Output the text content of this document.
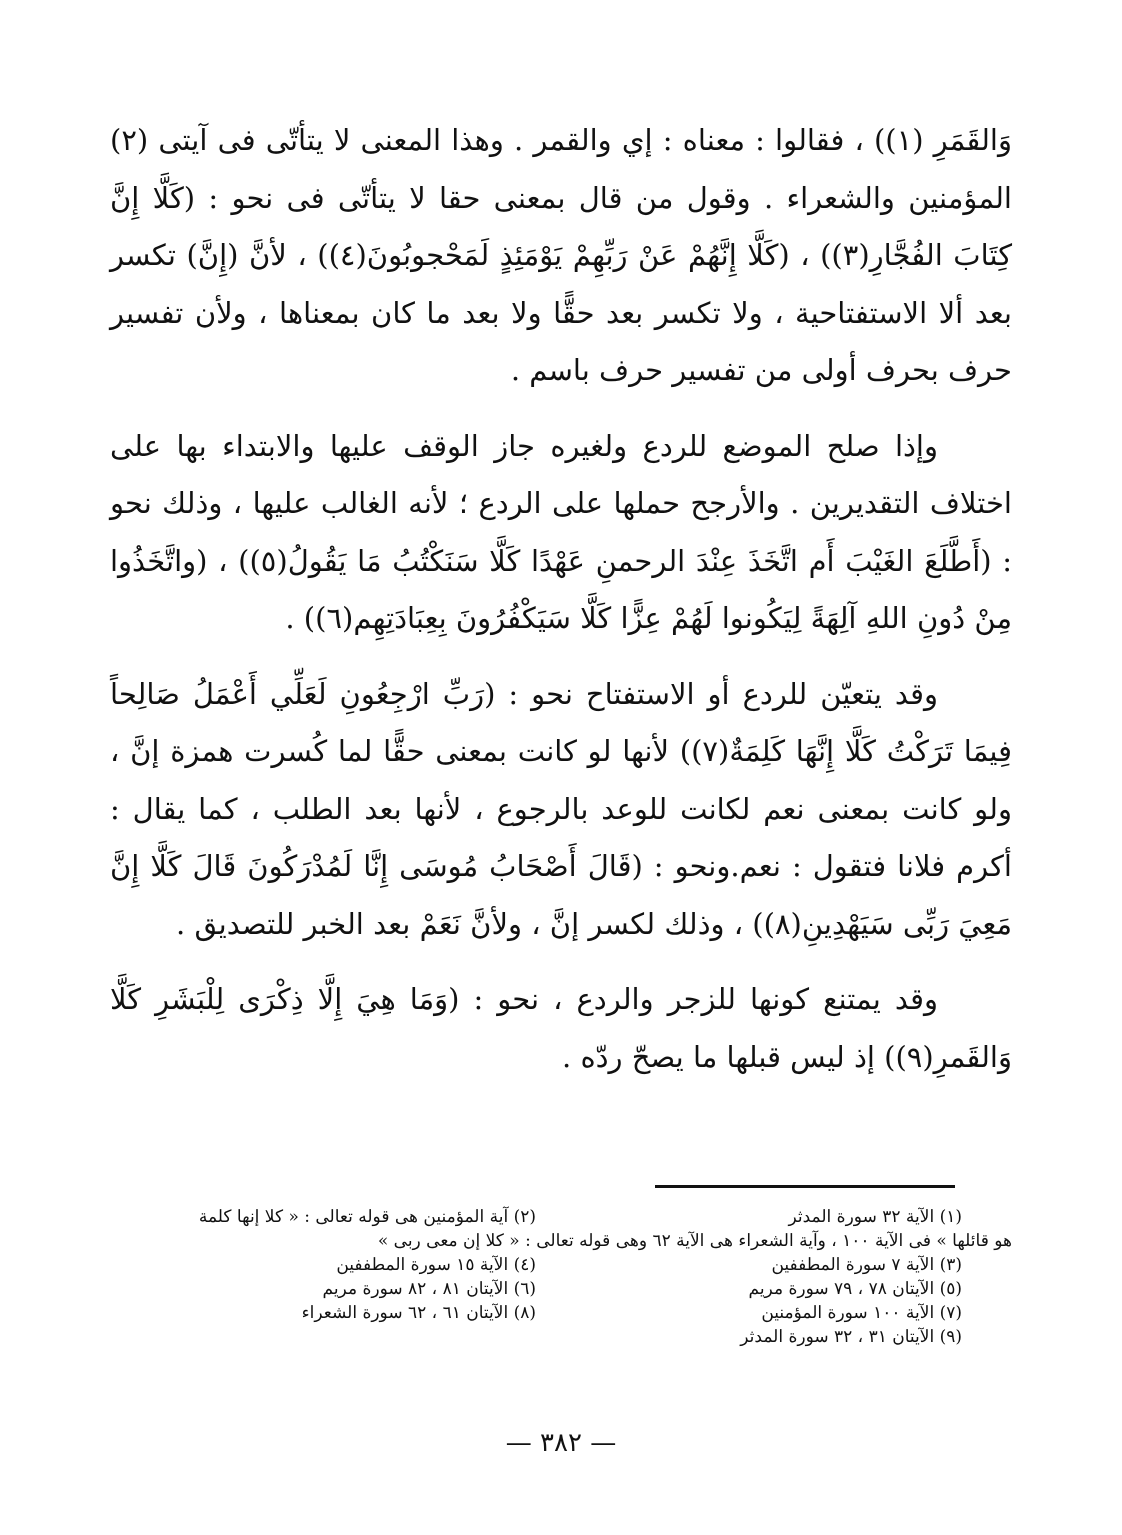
وَالقَمَرِ (١)) ، فقالوا : معناه : إي والقمر . وهذا المعنى لا يتأتّى فى آيتى (٢) المؤمنين والشعراء . وقول من قال بمعنى حقا لا يتأتّى فى نحو : (كَلَّا إِنَّ كِتَابَ الفُجَّارِ(٣)) ، (كَلَّا إِنَّهُمْ عَنْ رَبِّهِمْ يَوْمَئِذٍ لَمَحْجوبُونَ(٤)) ، لأنَّ (إِنَّ) تكسر بعد ألا الاستفتاحية ، ولا تكسر بعد حقًّا ولا بعد ما كان بمعناها ، ولأن تفسير حرف بحرف أولى من تفسير حرف باسم .

وإذا صلح الموضع للردع ولغيره جاز الوقف عليها والابتداء بها على اختلاف التقديرين . والأرجح حملها على الردع ؛ لأنه الغالب عليها ، وذلك نحو : (أَطَّلَعَ الغَيْبَ أَم اتَّخَذَ عِنْدَ الرحمنِ عَهْدًا كَلَّا سَنَكْتُبُ مَا يَقُولُ(٥)) ، (واتَّخَذُوا مِنْ دُونِ اللهِ آلِهَةً لِيَكُونوا لَهُمْ عِزًّا كَلَّا سَيَكْفُرُونَ بِعِبَادَتِهِم(٦)) .

وقد يتعيّن للردع أو الاستفتاح نحو : (رَبِّ ارْجِعُونِ لَعَلِّي أَعْمَلُ صَالِحاً فِيمَا تَرَكْتُ كَلَّا إِنَّهَا كَلِمَةٌ(٧)) لأنها لو كانت بمعنى حقًّا لما كُسرت همزة إنَّ ، ولو كانت بمعنى نعم لكانت للوعد بالرجوع ، لأنها بعد الطلب ، كما يقال : أكرم فلانا فتقول : نعم.ونحو : (قَالَ أَصْحَابُ مُوسَى إِنَّا لَمُدْرَكُونَ قَالَ كَلَّا إِنَّ مَعِيَ رَبِّى سَيَهْدِينِ(٨)) ، وذلك لكسر إنَّ ، ولأنَّ نَعَمْ بعد الخبر للتصديق .

وقد يمتنع كونها للزجر والردع ، نحو : (وَمَا هِيَ إِلَّا ذِكْرَى لِلْبَشَرِ كَلَّا وَالقَمرِ(٩)) إذ ليس قبلها ما يصحّ ردّه .

(١) الآية ٣٢ سورة المدثر
(٢) آية المؤمنين هى قوله تعالى : « كلا إنها كلمة
هو قائلها » فى الآية ١٠٠ ، وآية الشعراء هى الآية ٦٢ وهى قوله تعالى : « كلا إن معى ربى »
(٣) الآية ٧ سورة المطففين
(٤) الآية ١٥ سورة المطففين
(٥) الآيتان ٧٨ ، ٧٩ سورة مريم
(٦) الآيتان ٨١ ، ٨٢ سورة مريم
(٧) الآية ١٠٠ سورة المؤمنين
(٨) الآيتان ٦١ ، ٦٢ سورة الشعراء
(٩) الآيتان ٣١ ، ٣٢ سورة المدثر
— ٣٨٢ —
